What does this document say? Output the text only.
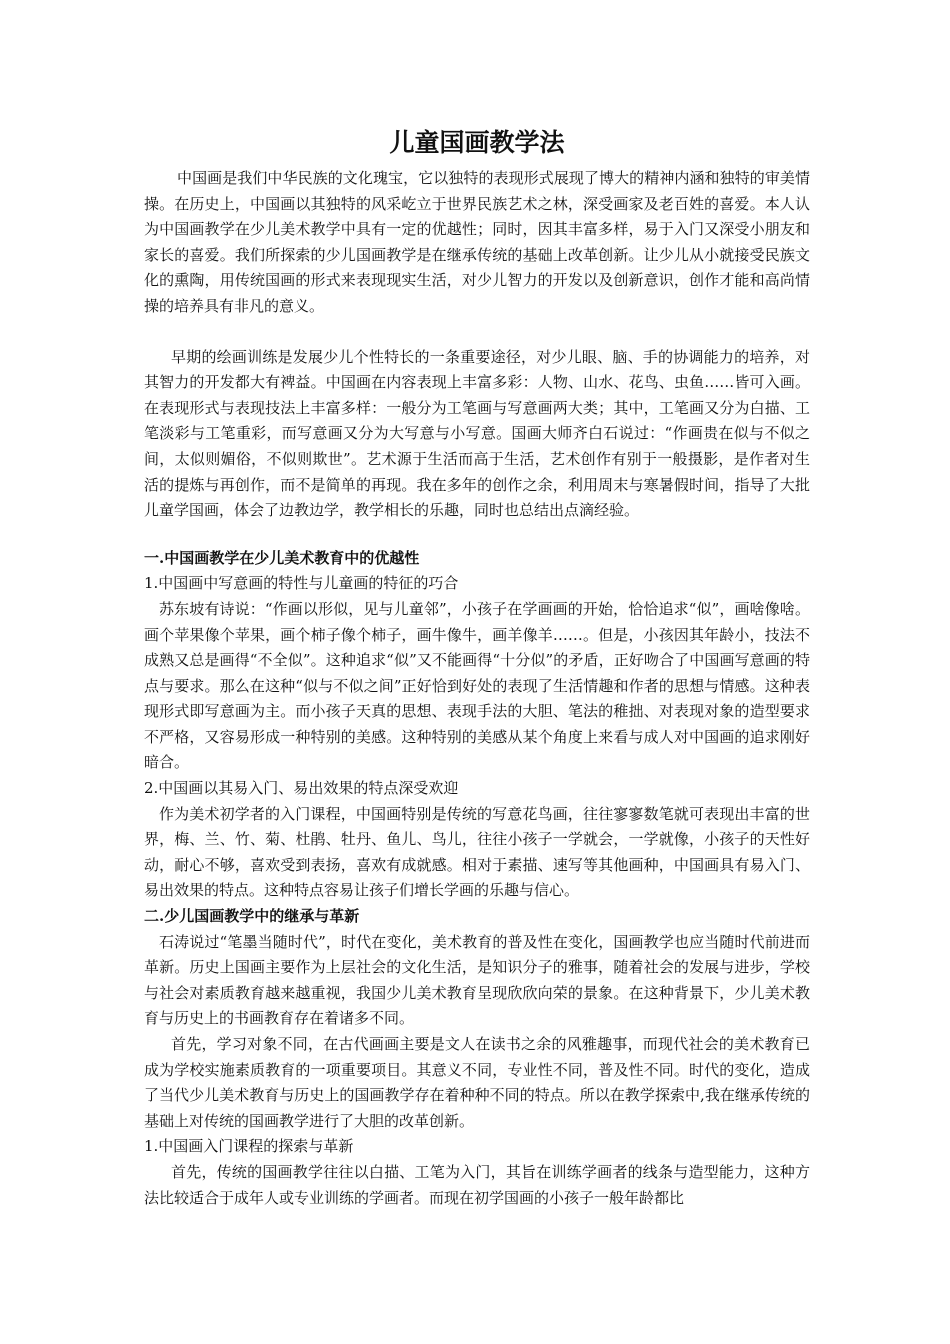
儿童国画教学法

中国画是我们中华民族的文化瑰宝，它以独特的表现形式展现了博大的精神内涵和独特的审美情操。在历史上，中国画以其独特的风采屹立于世界民族艺术之林，深受画家及老百姓的喜爱。本人认为中国画教学在少儿美术教学中具有一定的优越性；同时，因其丰富多样，易于入门又深受小朋友和家长的喜爱。我们所探索的少儿国画教学是在继承传统的基础上改革创新。让少儿从小就接受民族文化的熏陶，用传统国画的形式来表现现实生活，对少儿智力的开发以及创新意识，创作才能和高尚情操的培养具有非凡的意义。

早期的绘画训练是发展少儿个性特长的一条重要途径，对少儿眼、脑、手的协调能力的培养，对其智力的开发都大有裨益。中国画在内容表现上丰富多彩：人物、山水、花鸟、虫鱼……皆可入画。在表现形式与表现技法上丰富多样：一般分为工笔画与写意画两大类；其中，工笔画又分为白描、工笔淡彩与工笔重彩，而写意画又分为大写意与小写意。国画大师齐白石说过：“作画贵在似与不似之间，太似则媚俗，不似则欺世”。艺术源于生活而高于生活，艺术创作有别于一般摄影，是作者对生活的提炼与再创作，而不是简单的再现。我在多年的创作之余，利用周末与寒暑假时间，指导了大批儿童学国画，体会了边教边学，教学相长的乐趣，同时也总结出点滴经验。

一.中国画教学在少儿美术教育中的优越性

1.中国画中写意画的特性与儿童画的特征的巧合

苏东坡有诗说：“作画以形似，见与儿童邻”，小孩子在学画画的开始，恰恰追求“似”，画啥像啥。画个苹果像个苹果，画个柿子像个柿子，画牛像牛，画羊像羊……。但是，小孩因其年龄小，技法不成熟又总是画得“不全似”。这种追求“似”又不能画得“十分似”的矛盾，正好吻合了中国画写意画的特点与要求。那么在这种“似与不似之间”正好恰到好处的表现了生活情趣和作者的思想与情感。这种表现形式即写意画为主。而小孩子天真的思想、表现手法的大胆、笔法的稚拙、对表现对象的造型要求不严格，又容易形成一种特别的美感。这种特别的美感从某个角度上来看与成人对中国画的追求刚好暗合。

2.中国画以其易入门、易出效果的特点深受欢迎

作为美术初学者的入门课程，中国画特别是传统的写意花鸟画，往往寥寥数笔就可表现出丰富的世界，梅、兰、竹、菊、杜鹃、牡丹、鱼儿、鸟儿，往往小孩子一学就会，一学就像，小孩子的天性好动，耐心不够，喜欢受到表扬，喜欢有成就感。相对于素描、速写等其他画种，中国画具有易入门、易出效果的特点。这种特点容易让孩子们增长学画的乐趣与信心。

二.少儿国画教学中的继承与革新

石涛说过“笔墨当随时代”，时代在变化，美术教育的普及性在变化，国画教学也应当随时代前进而革新。历史上国画主要作为上层社会的文化生活，是知识分子的雅事，随着社会的发展与进步，学校与社会对素质教育越来越重视，我国少儿美术教育呈现欣欣向荣的景象。在这种背景下，少儿美术教育与历史上的书画教育存在着诸多不同。

首先，学习对象不同，在古代画画主要是文人在读书之余的风雅趣事，而现代社会的美术教育已成为学校实施素质教育的一项重要项目。其意义不同，专业性不同，普及性不同。时代的变化，造成了当代少儿美术教育与历史上的国画教学存在着种种不同的特点。所以在教学探索中,我在继承传统的基础上对传统的国画教学进行了大胆的改革创新。

1.中国画入门课程的探索与革新

首先，传统的国画教学往往以白描、工笔为入门，其旨在训练学画者的线条与造型能力，这种方法比较适合于成年人或专业训练的学画者。而现在初学国画的小孩子一般年龄都比
